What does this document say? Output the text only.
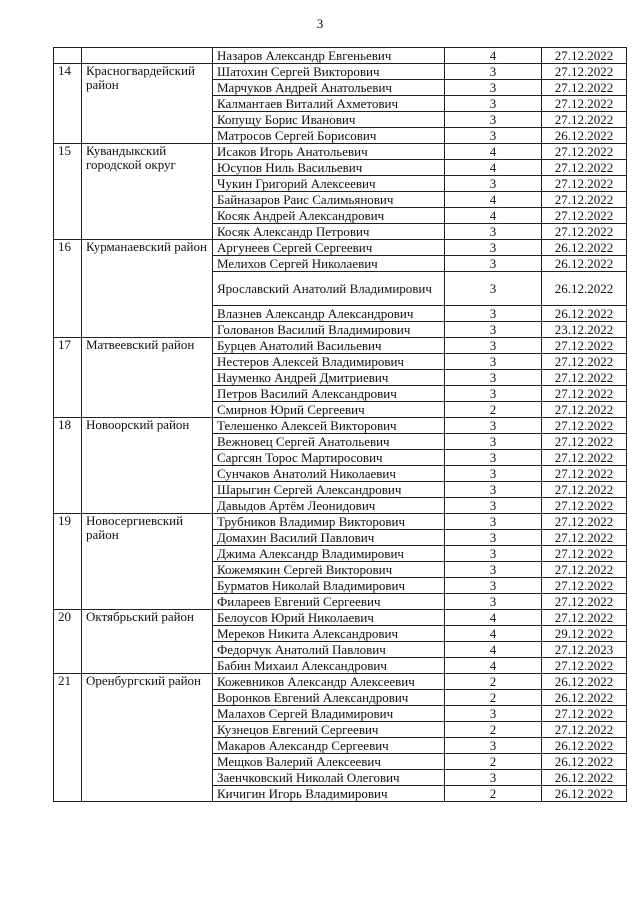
3
		Назаров Александр Евгеньевич	4	27.12.2022
14	Красногвардейский район	Шатохин Сергей Викторович	3	27.12.2022
		Марчуков Андрей Анатольевич	3	27.12.2022
		Калмантаев Виталий Ахметович	3	27.12.2022
		Копущу Борис Иванович	3	27.12.2022
		Матросов Сергей Борисович	3	26.12.2022
15	Кувандыкский городской округ	Исаков Игорь Анатольевич	4	27.12.2022
		Юсупов Ниль Васильевич	4	27.12.2022
		Чукин Григорий Алексеевич	3	27.12.2022
		Байназаров Раис Салимьянович	4	27.12.2022
		Косяк Андрей Александрович	4	27.12.2022
		Косяк Александр Петрович	3	27.12.2022
16	Курманаевский район	Аргунеев Сергей Сергеевич	3	26.12.2022
		Мелихов Сергей Николаевич	3	26.12.2022
		Ярославский Анатолий Владимирович	3	26.12.2022
		Влазнев Александр Александрович	3	26.12.2022
		Голованов Василий Владимирович	3	23.12.2022
17	Матвеевский район	Бурцев Анатолий Васильевич	3	27.12.2022
		Нестеров Алексей Владимирович	3	27.12.2022
		Науменко Андрей Дмитриевич	3	27.12.2022
		Петров Василий Александрович	3	27.12.2022
		Смирнов Юрий Сергеевич	2	27.12.2022
18	Новоорский район	Телешенко Алексей Викторович	3	27.12.2022
		Вежновец Сергей Анатольевич	3	27.12.2022
		Саргсян Торос Мартиросович	3	27.12.2022
		Сунчаков Анатолий Николаевич	3	27.12.2022
		Шарыгин Сергей Александрович	3	27.12.2022
		Давыдов Артём Леонидович	3	27.12.2022
19	Новосергиевский район	Трубников Владимир Викторович	3	27.12.2022
		Домахин Василий Павлович	3	27.12.2022
		Джима Александр Владимирович	3	27.12.2022
		Кожемякин Сергей Викторович	3	27.12.2022
		Бурматов Николай Владимирович	3	27.12.2022
		Филареев Евгений Сергеевич	3	27.12.2022
20	Октябрьский район	Белоусов Юрий Николаевич	4	27.12.2022
		Мереков Никита Александрович	4	29.12.2022
		Федорчук Анатолий Павлович	4	27.12.2023
		Бабин Михаил Александрович	4	27.12.2022
21	Оренбургский район	Кожевников Александр Алексеевич	2	26.12.2022
		Воронков Евгений Александрович	2	26.12.2022
		Малахов Сергей Владимирович	3	27.12.2022
		Кузнецов Евгений Сергеевич	2	27.12.2022
		Макаров Александр Сергеевич	3	26.12.2022
		Мещков Валерий Алексеевич	2	26.12.2022
		Заенчковский Николай Олегович	3	26.12.2022
		Кичигин Игорь Владимирович	2	26.12.2022
